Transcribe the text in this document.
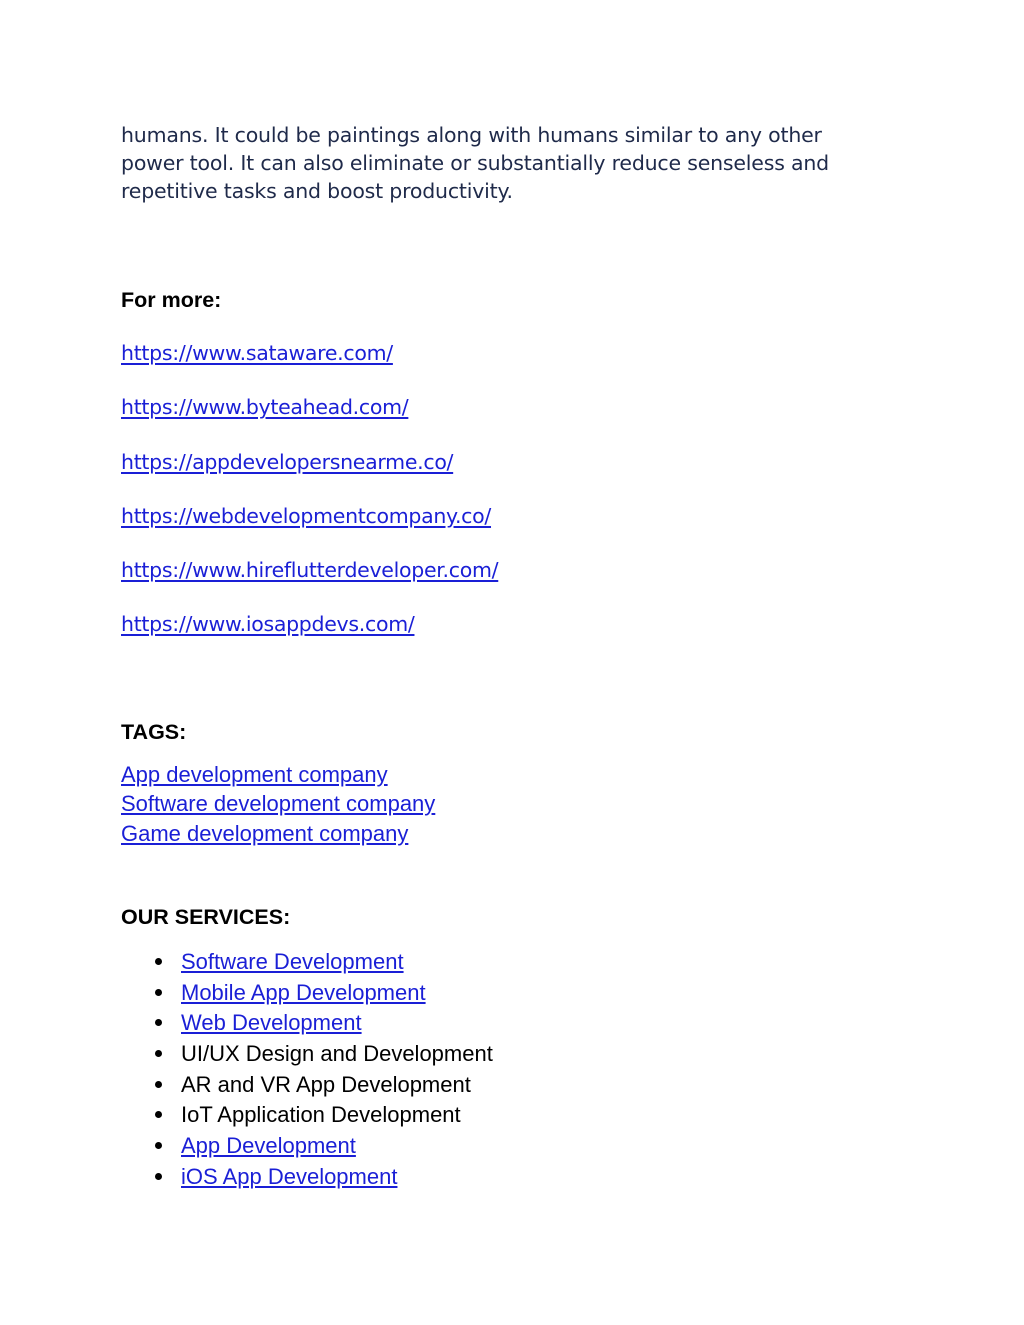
humans. It could be paintings along with humans similar to any other
power tool. It can also eliminate or substantially reduce senseless and
repetitive tasks and boost productivity.

For more:
https://www.sataware.com/
https://www.byteahead.com/
https://appdevelopersnearme.co/
https://webdevelopmentcompany.co/
https://www.hireflutterdeveloper.com/
https://www.iosappdevs.com/
TAGS:
App development company
Software development company
Game development company
OUR SERVICES:
Software Development
Mobile App Development
Web Development
UI/UX Design and Development
AR and VR App Development
IoT Application Development
App Development
iOS App Development
